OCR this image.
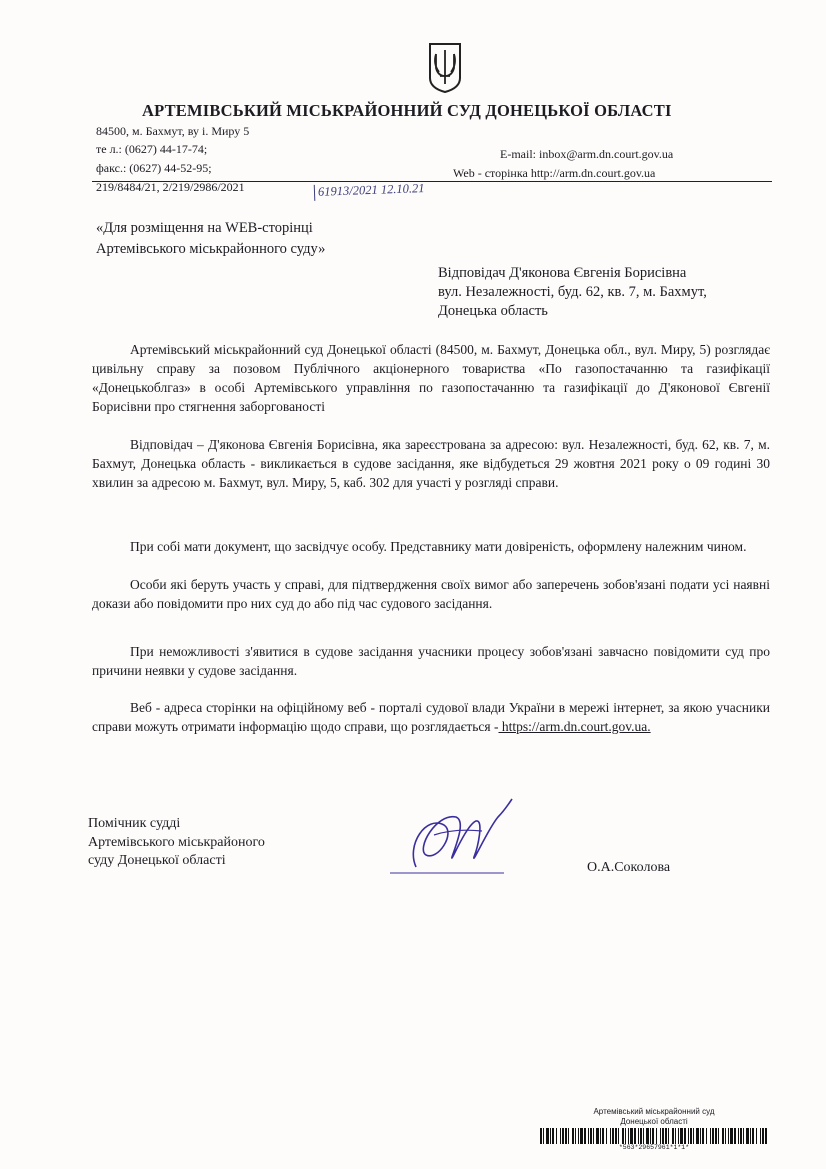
АРТЕМІВСЬКИЙ МІСЬКРАЙОННИЙ СУД ДОНЕЦЬКОЇ ОБЛАСТІ
84500, м. Бахмут, ву і. Миру 5
те л.: (0627) 44-17-74;
факс.: (0627) 44-52-95;
E-mail: inbox@arm.dn.court.gov.ua
Web - сторінка http://arm.dn.court.gov.ua
219/8484/21, 2/219/2986/2021	61913/2021 12.10.21
«Для розміщення на WEB-сторінці
Артемівського міськрайонного суду»
Відповідач Д'яконова Євгенія Борисівна
вул. Незалежності, буд. 62, кв. 7, м. Бахмут,
Донецька область

Артемівський міськрайонний суд Донецької області (84500, м. Бахмут, Донецька обл., вул. Миру, 5) розглядає цивільну справу за позовом Публічного акціонерного товариства «По газопостачанню та газифікації «Донецькоблгаз» в особі Артемівського управління по газопостачанню та газифікації до Д'яконової Євгенії Борисівни про стягнення заборгованості

Відповідач – Д'яконова Євгенія Борисівна, яка зареєстрована за адресою: вул. Незалежності, буд. 62, кв. 7, м. Бахмут, Донецька область - викликається в судове засідання, яке відбудеться 29 жовтня 2021 року о 09 годині 30 хвилин за адресою м. Бахмут, вул. Миру, 5, каб. 302 для участі у розгляді справи.

При собі мати документ, що засвідчує особу. Представнику мати довіреність, оформлену належним чином.

Особи які беруть участь у справі, для підтвердження своїх вимог або заперечень зобов'язані подати усі наявні докази або повідомити про них суд до або під час судового засідання.

При неможливості з'явитися в судове засідання учасники процесу зобов'язані завчасно повідомити суд про причини неявки у судове засідання.

Веб - адреса сторінки на офіційному веб - порталі судової влади України в мережі інтернет, за якою учасники справи можуть отримати інформацію щодо справи, що розглядається - https://arm.dn.court.gov.ua.

Помічник судді
Артемівського міськрайоного
суду Донецької області	О.А.Соколова
Артемівський міськрайонний суд
Донецької області
*563*29657961*1*1*
